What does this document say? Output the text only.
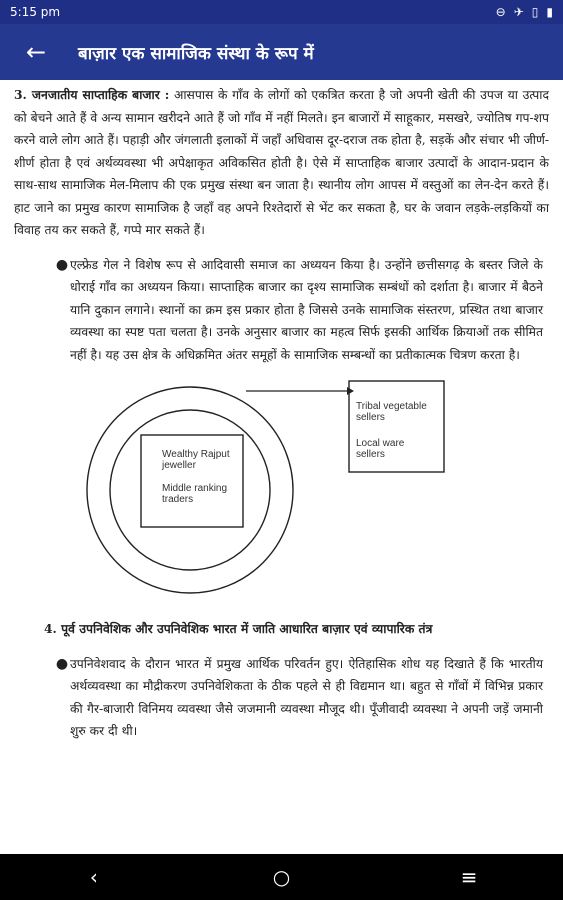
5:15 pm	⊖ ✈ ▯ ▮
←	बाज़ार एक सामाजिक संस्था के रूप में

3. जनजातीय साप्ताहिक बाजार : आसपास के गाँव के लोगों को एकत्रित करता है जो अपनी खेती की उपज या उत्पाद को बेचने आते हैं वे अन्य सामान खरीदने आते हैं जो गाँव में नहीं मिलते। इन बाजारों में साहूकार, मसखरे, ज्योतिष गप-शप करने वाले लोग आते हैं। पहाड़ी और जंगलाती इलाकों में जहाँ अधिवास दूर-दराज तक होता है, सड़कें और संचार भी जीर्ण-शीर्ण होता है एवं अर्थव्यवस्था भी अपेक्षाकृत अविकसित होती है। ऐसे में साप्ताहिक बाजार उत्पादों के आदान-प्रदान के साथ-साथ सामाजिक मेल-मिलाप की एक प्रमुख संस्था बन जाता है। स्थानीय लोग आपस में वस्तुओं का लेन-देन करते हैं। हाट जाने का प्रमुख कारण सामाजिक है जहाँ वह अपने रिश्तेदारों से भेंट कर सकता है, घर के जवान लड़के-लड़कियों का विवाह तय कर सकते हैं, गप्पे मार सकते हैं।

● एल्फ्रेड गेल ने विशेष रूप से आदिवासी समाज का अध्ययन किया है। उन्होंने छत्तीसगढ़ के बस्तर जिले के धोराई गाँव का अध्ययन किया। साप्ताहिक बाजार का दृश्य सामाजिक सम्बंधों को दर्शाता है। बाजार में बैठने यानि दुकान लगाने। स्थानों का क्रम इस प्रकार होता है जिससे उनके सामाजिक संस्तरण, प्रस्थित तथा बाजार व्यवस्था का स्पष्ट पता चलता है। उनके अनुसार बाजार का महत्व सिर्फ इसकी आर्थिक क्रियाओं तक सीमित नहीं है। यह उस क्षेत्र के अधिक्रमित अंतर समूहों के सामाजिक सम्बन्धों का प्रतीकात्मक चित्रण करता है।
Wealthy Rajput
jeweller
Middle ranking
traders
Tribal vegetable
sellers
Local ware
sellers
4. पूर्व उपनिवेशिक और उपनिवेशिक भारत में जाति आधारित बाज़ार एवं व्यापारिक तंत्र
● उपनिवेशवाद के दौरान भारत में प्रमुख आर्थिक परिवर्तन हुए। ऐतिहासिक शोध यह दिखाते हैं कि भारतीय अर्थव्यवस्था का मौद्रीकरण उपनिवेशिकता के ठीक पहले से ही विद्यमान था। बहुत से गाँवों में विभिन्न प्रकार की गैर-बाजारी विनिमय व्यवस्था जैसे जजमानी व्यवस्था मौजूद थी। पूँजीवादी व्यवस्था ने अपनी जड़ें जमानी शुरु कर दी थी।
‹	○	≡
